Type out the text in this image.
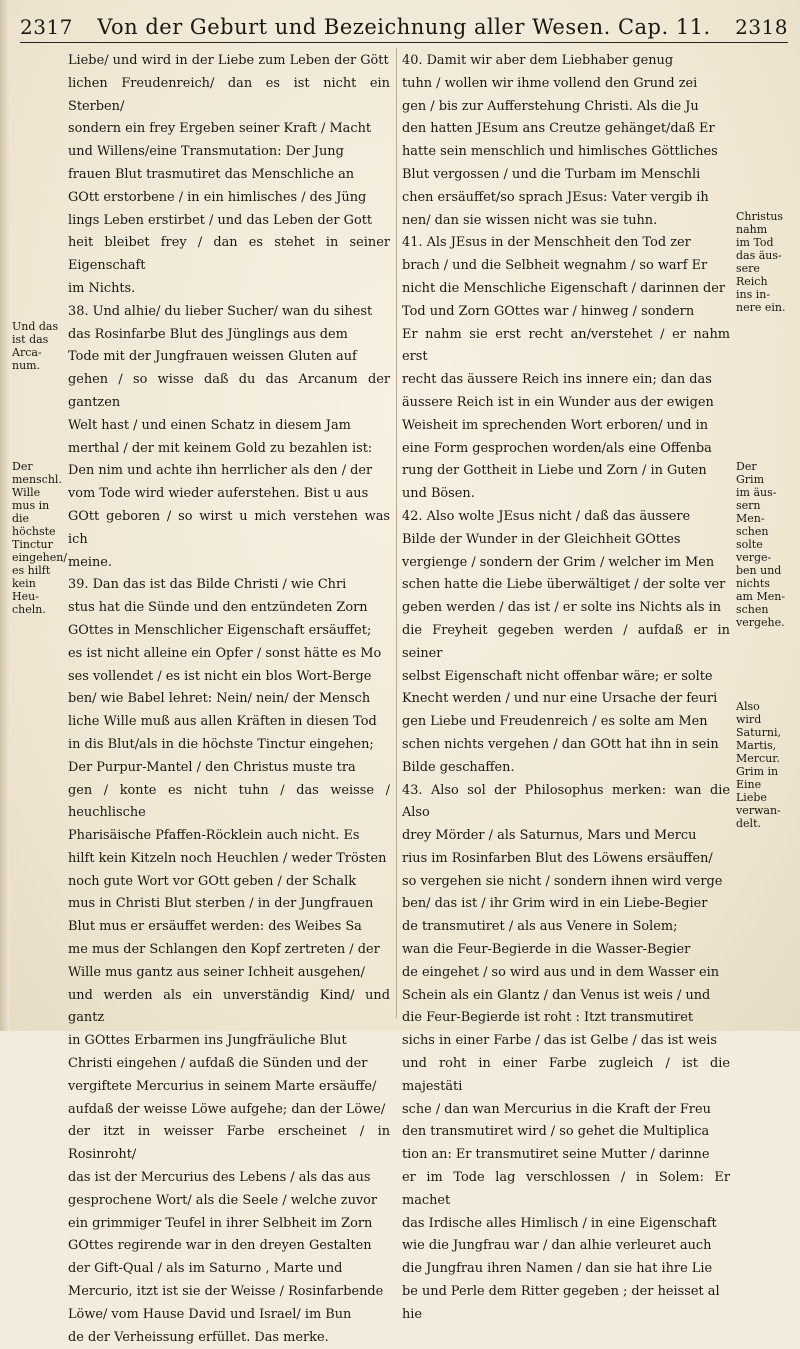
2317	Von der Geburt und Bezeichnung aller Wesen. Cap. 11.	2318
Und das
ist das
Arca-
num.
Der
menschl.
Wille
mus in
die
höchste
Tinctur
eingehen/
es hilft
kein
Heu-
cheln.
Liebe/ und wird in der Liebe zum Leben der Gött
lichen Freudenreich/ dan es ist nicht ein Sterben/
sondern ein frey Ergeben seiner Kraft / Macht
und Willens/eine Transmutation: Der Jung
frauen Blut trasmutiret das Menschliche an
GOtt erstorbene / in ein himlisches / des Jüng
lings Leben erstirbet / und das Leben der Gott
heit bleibet frey / dan es stehet in seiner Eigenschaft
im Nichts.
38. Und alhie/ du lieber Sucher/ wan du sihest
das Rosinfarbe Blut des Jünglings aus dem
Tode mit der Jungfrauen weissen Gluten auf
gehen / so wisse daß du das Arcanum der gantzen
Welt hast / und einen Schatz in diesem Jam
merthal / der mit keinem Gold zu bezahlen ist:
Den nim und achte ihn herrlicher als den / der
vom Tode wird wieder auferstehen. Bist u aus
GOtt geboren / so wirst u mich verstehen was ich
meine.
39. Dan das ist das Bilde Christi / wie Chri
stus hat die Sünde und den entzündeten Zorn
GOttes in Menschlicher Eigenschaft ersäuffet;
es ist nicht alleine ein Opfer / sonst hätte es Mo
ses vollendet / es ist nicht ein blos Wort-Berge
ben/ wie Babel lehret: Nein/ nein/ der Mensch
liche Wille muß aus allen Kräften in diesen Tod
in dis Blut/als in die höchste Tinctur eingehen;
Der Purpur-Mantel / den Christus muste tra
gen / konte es nicht tuhn / das weisse / heuchlische
Pharisäische Pfaffen-Röcklein auch nicht. Es
hilft kein Kitzeln noch Heuchlen / weder Trösten
noch gute Wort vor GOtt geben / der Schalk
mus in Christi Blut sterben / in der Jungfrauen
Blut mus er ersäuffet werden: des Weibes Sa
me mus der Schlangen den Kopf zertreten / der
Wille mus gantz aus seiner Ichheit ausgehen/
und werden als ein unverständig Kind/ und gantz
in GOttes Erbarmen ins Jungfräuliche Blut
Christi eingehen / aufdaß die Sünden und der
vergiftete Mercurius in seinem Marte ersäuffe/
aufdaß der weisse Löwe aufgehe; dan der Löwe/
der itzt in weisser Farbe erscheinet / in Rosinroht/
das ist der Mercurius des Lebens / als das aus
gesprochene Wort/ als die Seele / welche zuvor
ein grimmiger Teufel in ihrer Selbheit im Zorn
GOttes regirende war in den dreyen Gestalten
der Gift-Qual / als im Saturno , Marte und
Mercurio, itzt ist sie der Weisse / Rosinfarbende
Löwe/ vom Hause David und Israel/ im Bun
de der Verheissung erfüllet. Das merke.
40. Damit wir aber dem Liebhaber genug
tuhn / wollen wir ihme vollend den Grund zei
gen / bis zur Aufferstehung Christi. Als die Ju
den hatten JEsum ans Creutze gehänget/daß Er
hatte sein menschlich und himlisches Göttliches
Blut vergossen / und die Turbam im Menschli
chen ersäuffet/so sprach JEsus: Vater vergib ih
nen/ dan sie wissen nicht was sie tuhn.
41. Als JEsus in der Menschheit den Tod zer
brach / und die Selbheit wegnahm / so warf Er
nicht die Menschliche Eigenschaft / darinnen der
Tod und Zorn GOttes war / hinweg / sondern
Er nahm sie erst recht an/verstehet / er nahm erst
recht das äussere Reich ins innere ein; dan das
äussere Reich ist in ein Wunder aus der ewigen
Weisheit im sprechenden Wort erboren/ und in
eine Form gesprochen worden/als eine Offenba
rung der Gottheit in Liebe und Zorn / in Guten
und Bösen.
42. Also wolte JEsus nicht / daß das äussere
Bilde der Wunder in der Gleichheit GOttes
vergienge / sondern der Grim / welcher im Men
schen hatte die Liebe überwältiget / der solte ver
geben werden / das ist / er solte ins Nichts als in
die Freyheit gegeben werden / aufdaß er in seiner
selbst Eigenschaft nicht offenbar wäre; er solte
Knecht werden / und nur eine Ursache der feuri
gen Liebe und Freudenreich / es solte am Men
schen nichts vergehen / dan GOtt hat ihn in sein
Bilde geschaffen.
43. Also sol der Philosophus merken: wan die Also
drey Mörder / als Saturnus, Mars und Mercu
rius im Rosinfarben Blut des Löwens ersäuffen/
so vergehen sie nicht / sondern ihnen wird verge
ben/ das ist / ihr Grim wird in ein Liebe-Begier
de transmutiret / als aus Venere in Solem;
wan die Feur-Begierde in die Wasser-Begier
de eingehet / so wird aus und in dem Wasser ein
Schein als ein Glantz / dan Venus ist weis / und
die Feur-Begierde ist roht : Itzt transmutiret
sichs in einer Farbe / das ist Gelbe / das ist weis
und roht in einer Farbe zugleich / ist die majestäti
sche / dan wan Mercurius in die Kraft der Freu
den transmutiret wird / so gehet die Multiplica
tion an: Er transmutiret seine Mutter / darinne
er im Tode lag verschlossen / in Solem: Er machet
das Irdische alles Himlisch / in eine Eigenschaft
wie die Jungfrau war / dan alhie verleuret auch
die Jungfrau ihren Namen / dan sie hat ihre Lie
be und Perle dem Ritter gegeben ; der heisset al
hie
Christus
nahm
im Tod
das äus-
sere
Reich
ins in-
nere ein.
Der
Grim
im äus-
sern
Men-
schen
solte
verge-
ben und
nichts
am Men-
schen
vergehe.
Also
wird
Saturni,
Martis,
Mercur.
Grim in
Eine
Liebe
verwan-
delt.
